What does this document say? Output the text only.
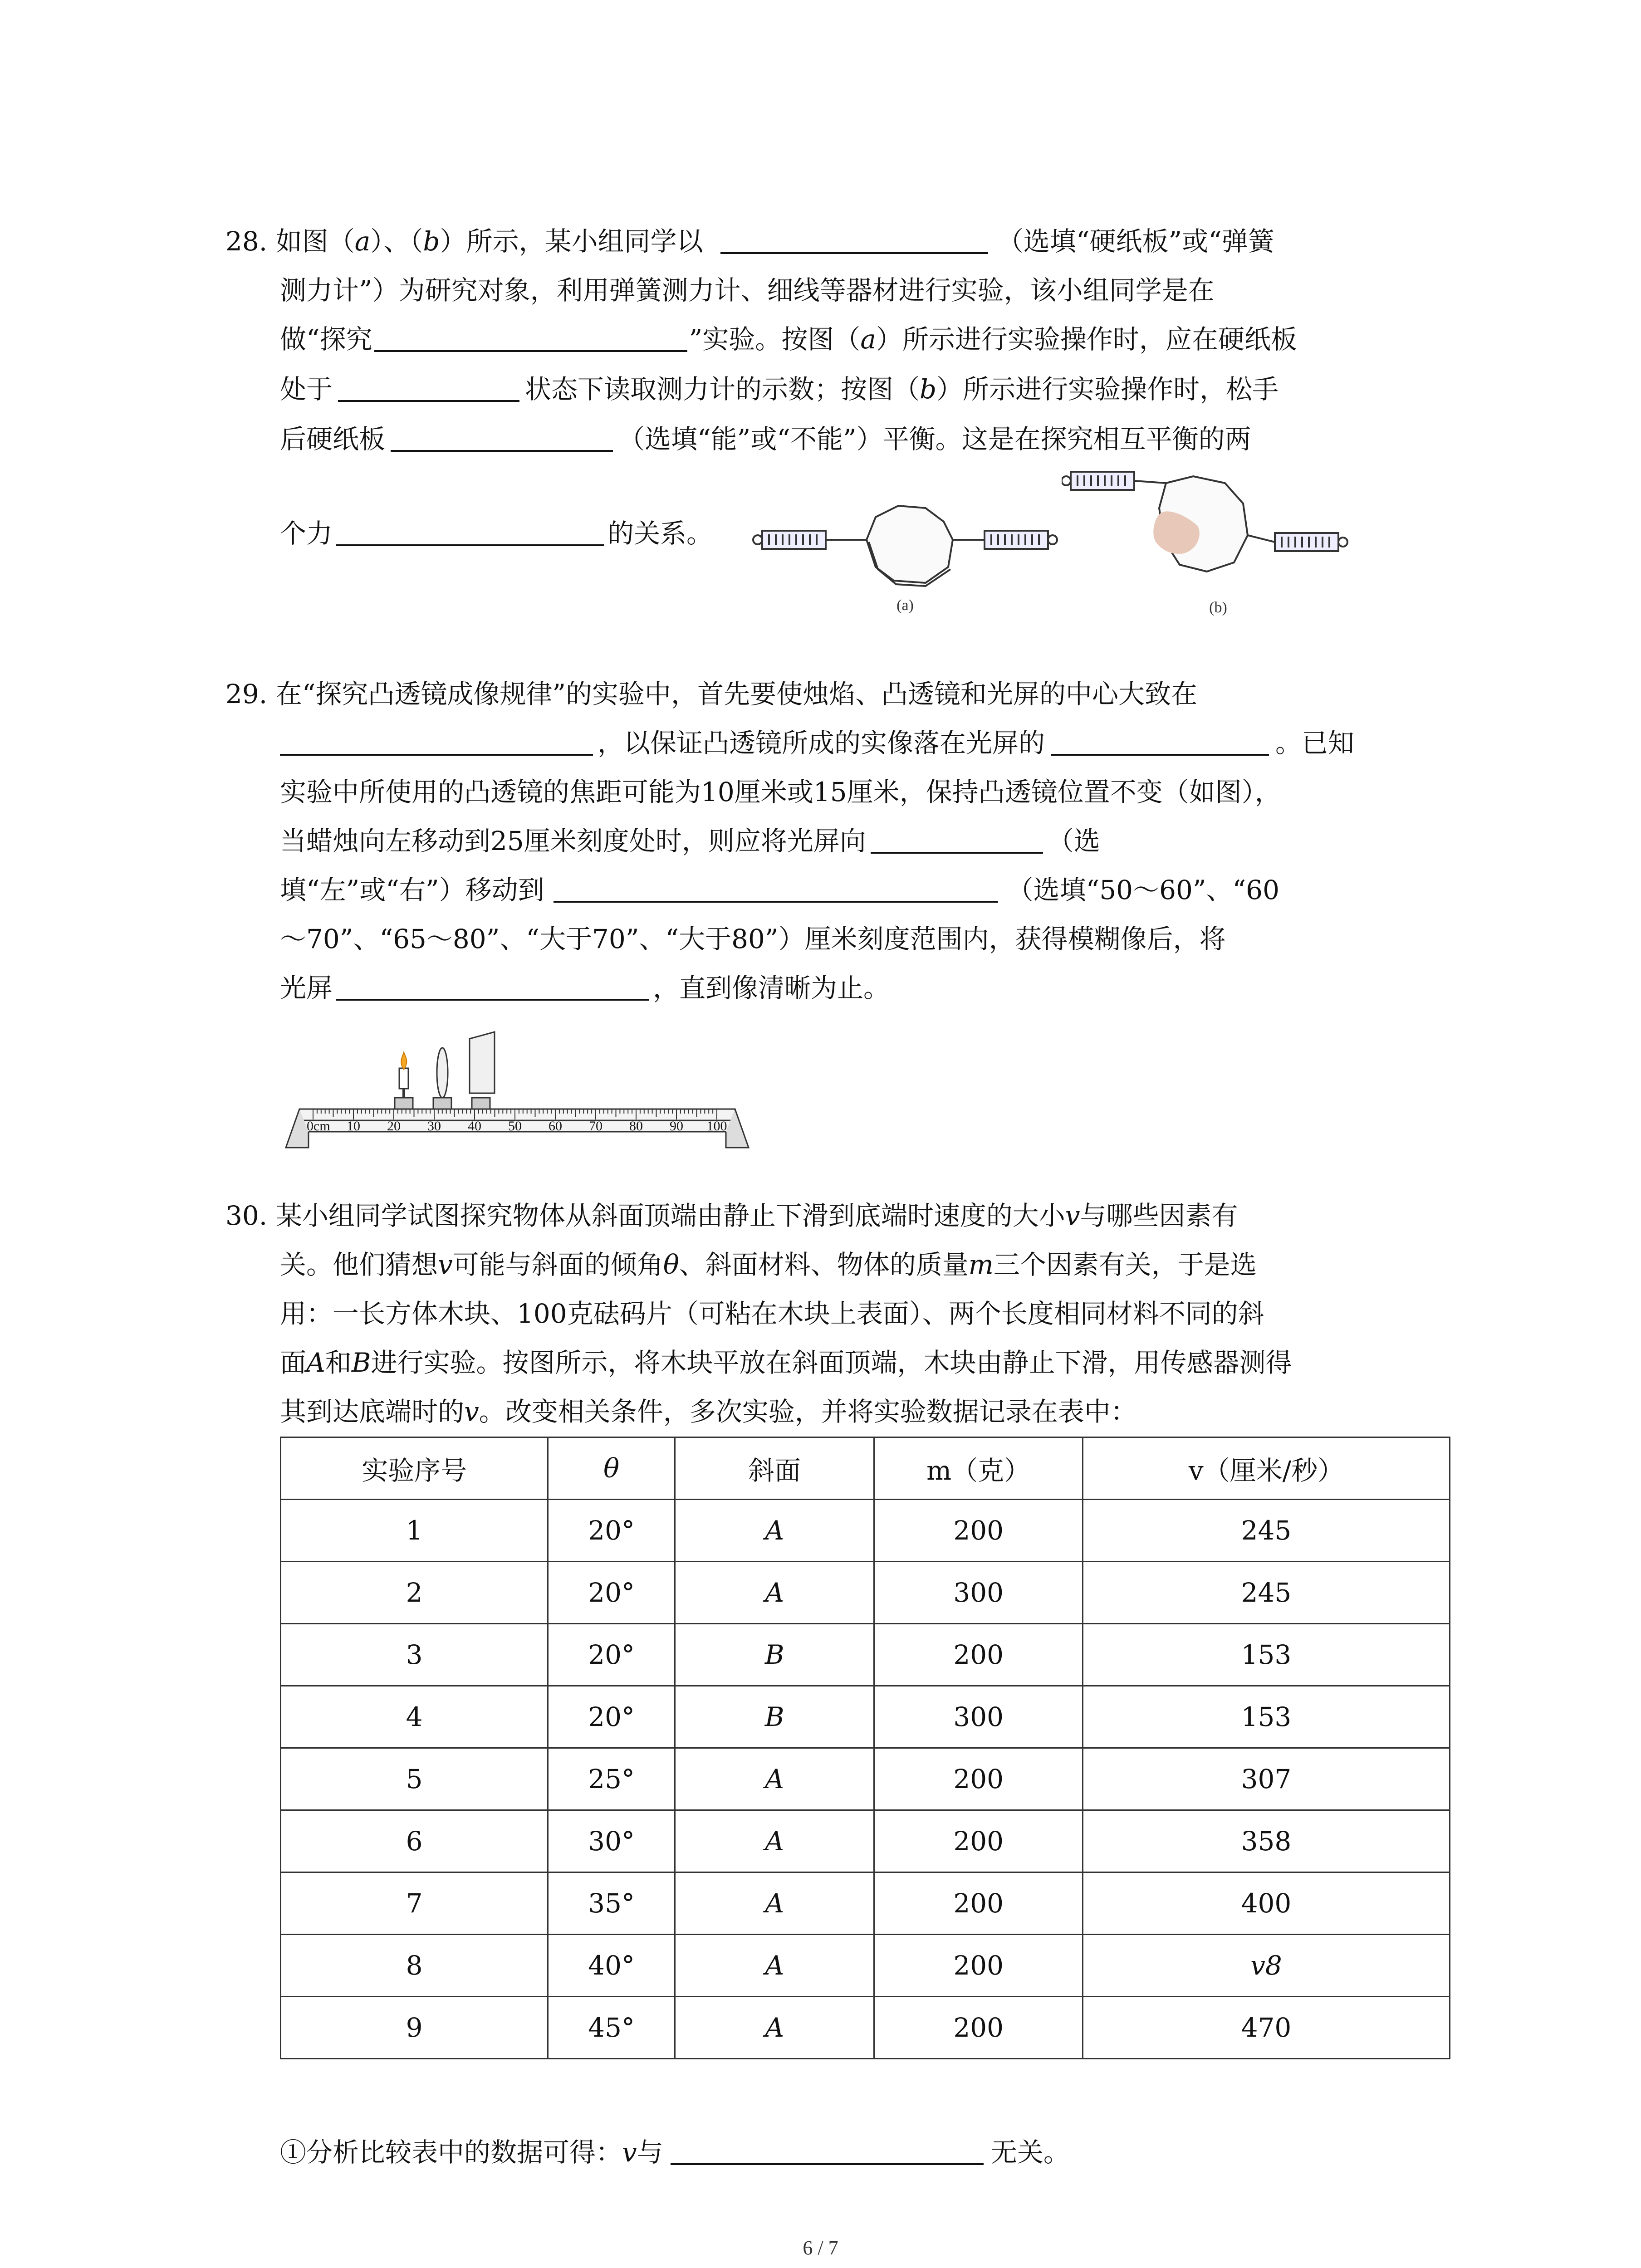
28. 如图（a）、（b）所示，某小组同学以	（选填“硬纸板”或“弹簧
测力计”）为研究对象，利用弹簧测力计、细线等器材进行实验，该小组同学是在
做“探究	”实验。按图（a）所示进行实验操作时，应在硬纸板
处于	状态下读取测力计的示数；按图（b）所示进行实验操作时，松手
后硬纸板	（选填“能”或“不能”）平衡。这是在探究相互平衡的两
个力	的关系。
(a)	(b)
29. 在“探究凸透镜成像规律”的实验中，首先要使烛焰、凸透镜和光屏的中心大致在
，以保证凸透镜所成的实像落在光屏的	。已知
实验中所使用的凸透镜的焦距可能为10厘米或15厘米，保持凸透镜位置不变（如图），
当蜡烛向左移动到25厘米刻度处时，则应将光屏向	（选
填“左”或“右”）移动到	（选填“50～60”、“60
～70”、“65～80”、“大于70”、“大于80”）厘米刻度范围内，获得模糊像后，将
光屏	，直到像清晰为止。
0cm 10 20 30 40 50 60 70 80 90 100
30. 某小组同学试图探究物体从斜面顶端由静止下滑到底端时速度的大小v与哪些因素有
关。他们猜想v可能与斜面的倾角θ、斜面材料、物体的质量m三个因素有关，于是选
用：一长方体木块、100克砝码片（可粘在木块上表面）、两个长度相同材料不同的斜
面A和B进行实验。按图所示，将木块平放在斜面顶端，木块由静止下滑，用传感器测得
其到达底端时的v。改变相关条件，多次实验，并将实验数据记录在表中：
实验序号	θ	斜面	m（克）	v（厘米/秒）
1	20°	A	200	245
2	20°	A	300	245
3	20°	B	200	153
4	20°	B	300	153
5	25°	A	200	307
6	30°	A	200	358
7	35°	A	200	400
8	40°	A	200	v8
9	45°	A	200	470
①分析比较表中的数据可得：v与	无关。
6 / 7
